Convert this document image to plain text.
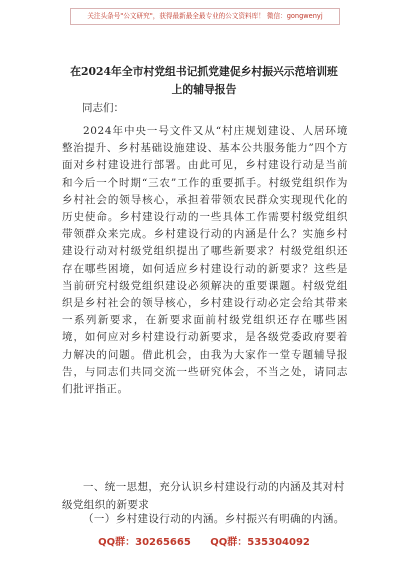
关注头条号"公文研究"，获得最新最全最专业的公文资料库！ 微信：gongwenyj
在2024年全市村党组书记抓党建促乡村振兴示范培训班
上的辅导报告
同志们：
2024年中央一号文件又从“村庄规划建设、人居环境整治提升、乡村基础设施建设、基本公共服务能力”四个方面对乡村建设进行部署。由此可见，乡村建设行动是当前和今后一个时期“三农”工作的重要抓手。村级党组织作为乡村社会的领导核心，承担着带领农民群众实现现代化的历史使命。乡村建设行动的一些具体工作需要村级党组织带领群众来完成。乡村建设行动的内涵是什么？实施乡村建设行动对村级党组织提出了哪些新要求？村级党组织还存在哪些困境，如何适应乡村建设行动的新要求？这些是当前研究村级党组织建设必须解决的重要课题。村级党组织是乡村社会的领导核心，乡村建设行动必定会给其带来一系列新要求，在新要求面前村级党组织还存在哪些困境，如何应对乡村建设行动新要求，是各级党委政府要着力解决的问题。借此机会，由我为大家作一堂专题辅导报告，与同志们共同交流一些研究体会，不当之处，请同志们批评指正。
一、统一思想，充分认识乡村建设行动的内涵及其对村级党组织的新要求
（一）乡村建设行动的内涵。乡村振兴有明确的内涵。
QQ群：30265665 QQ群：535304092
